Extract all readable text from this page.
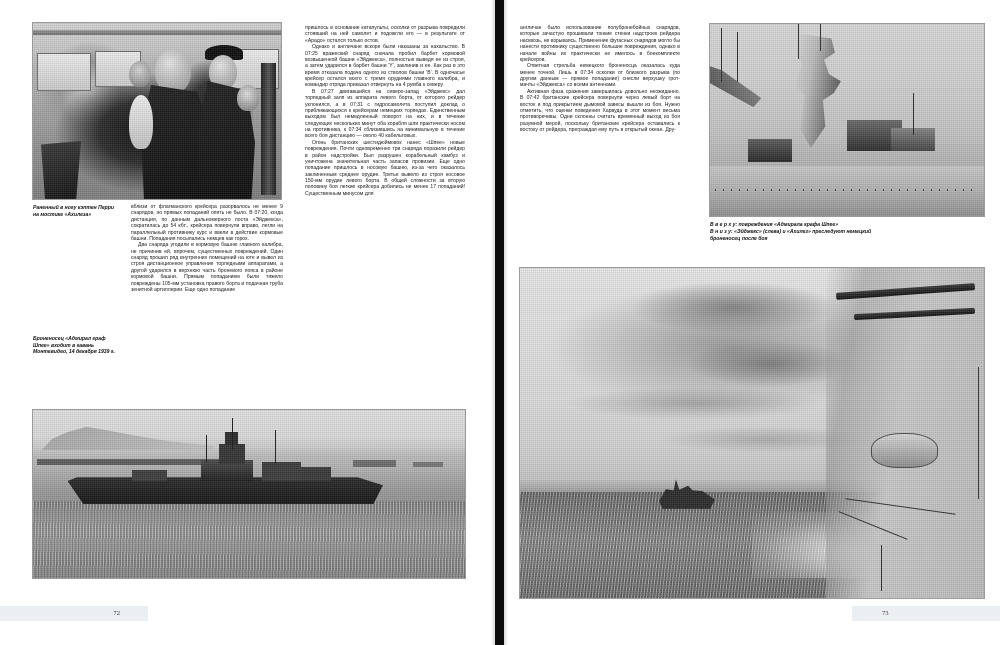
Раненный в ногу кэптен Перри на мостике «Ахилеза»
Броненосец «Адмирал граф Шпее» входит в гавань Монтевидео, 14 декабря 1939 г.

вблизи от флагманского крейсера разорвалось не менее 9 снарядов, но прямых попаданий опять не было. В 07:20, когда дистанция, по данным дальномерного поста «Эйджекса», сократилась до 54 кбт., крейсера повернули вправо, легли на параллельный противнику курс и ввели в действие кормовые башни. Попадания посыпались немцев как горох.

Два снаряда угодили в кормовую башню главного калибра, не причинив ей, впрочем, существенных повреждений. Один снаряд прошил ряд внутренних помещений на юте и вывел из строя дистанционное управление торпедными аппаратами, а другой ударился в верхнюю часть броневого пояса в районе кормовой башни. Прямым попаданием были тяжело повреждены 105-мм установка правого борта и подачная труба зенитной артиллерии. Еще одно попадание

пришлось в основание катапульты, осколки от разрыва повредили стоявший на ней самолет и подожгли его — в результате от «Арадо» остался только остов.

Однако и англичане вскоре были наказаны за нахальство. В 07:25 вражеский снаряд сначала пробил барбет кормовой возвышенной башни «Эйджекса», полностью выведя ее из строя, а затем ударился в барбет башни 'Y', заклинив и ее. Как раз в это время отказала подача одного из стволов башни 'B'. В одночасье крейсер остался всего с тремя орудиями главного калибра, и командир отряда приказал отвернуть на 4 румба к северу.

В 07:27 двигавшийся на северо-запад «Эйджекс» дал торпедный залп из аппарата левого борта, от которого рейдер уклонился, а в 07:31 с гидросамолета поступил доклад о приближающихся к крейсерам немецких торпедах. Единственным выходом был немедленный поворот на них, и в течение следующих нескольких минут оба корабля шли практически носом на противника, к 07:34 сблизившись на минимальную в течение всего боя дистанцию — около 40 кабельтовых.

Огонь британских шестидюймовок нанес «Шпее» новые повреждения. Почти одновременно три снаряда поразили рейдер в район надстройки. Был разрушен корабельный камбуз и уничтожена значительная часть запасов провизии. Еще одно попадание пришлось в носовую башню, из-за чего оказалось заклиненным среднее орудие. Третье вывело из строя носовое 150-мм орудие левого борта. В общей сложности за вторую половину боя легкие крейсера добились не менее 17 попаданий! Существенным минусом для

72

англичан было использование полубронебойных снарядов, которые зачастую прошивали тонкие стенки надстроек рейдера насквозь, не взрываясь. Применение фугасных снарядов могло бы нанести противнику существенно большие повреждения, однако в начале войны их практически не имелось в боекомплекте крейсеров.

Ответная стрельба немецкого броненосца оказалась куда менее точной. Лишь в 07:34 осколки от близкого разрыва (по другим данным — прямое попадание) снесли верхушку грот-мачты «Эйджекса» со всеми антеннами.

Активная фаза сражения завершилась довольно неожиданно. В 07:42 британские крейсера повернули через левый борт на восток и под прикрытием дымовой завесы вышли из боя. Нужно отметить, что оценки поведения Харвуда в этот момент весьма противоречивы. Одни склонны считать временный выход из боя разумной мерой, поскольку британские крейсера оставались к востоку от рейдера, преграждая ему путь в открытый океан. Дру-

В в е р х у: повреждения «Адмирала графа Шпее»
В н и з у: «Эйджекс» (слева) и «Ахилез» преследуют немецкий
броненосец после боя
73
